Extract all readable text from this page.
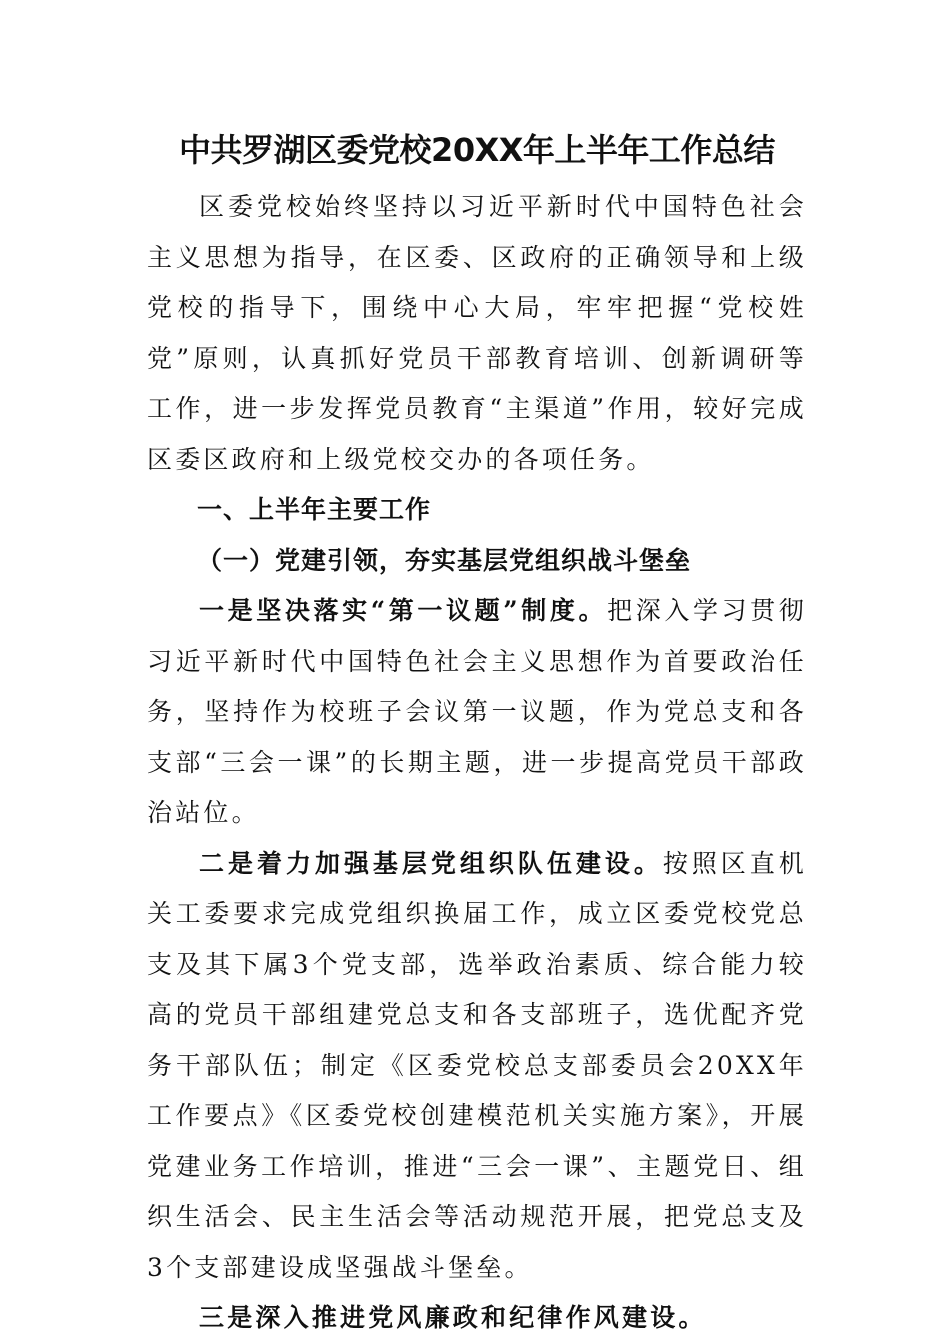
中共罗湖区委党校20XX年上半年工作总结

区委党校始终坚持以习近平新时代中国特色社会主义思想为指导，在区委、区政府的正确领导和上级党校的指导下，围绕中心大局，牢牢把握“党校姓党”原则，认真抓好党员干部教育培训、创新调研等工作，进一步发挥党员教育“主渠道”作用，较好完成区委区政府和上级党校交办的各项任务。

一、上半年主要工作
（一）党建引领，夯实基层党组织战斗堡垒

一是坚决落实“第一议题”制度。把深入学习贯彻习近平新时代中国特色社会主义思想作为首要政治任务，坚持作为校班子会议第一议题，作为党总支和各支部“三会一课”的长期主题，进一步提高党员干部政治站位。

二是着力加强基层党组织队伍建设。按照区直机关工委要求完成党组织换届工作，成立区委党校党总支及其下属3个党支部，选举政治素质、综合能力较高的党员干部组建党总支和各支部班子，选优配齐党务干部队伍；制定《区委党校总支部委员会20XX年工作要点》《区委党校创建模范机关实施方案》，开展党建业务工作培训，推进“三会一课”、主题党日、组织生活会、民主生活会等活动规范开展，把党总支及3个支部建设成坚强战斗堡垒。

三是深入推进党风廉政和纪律作风建设。
